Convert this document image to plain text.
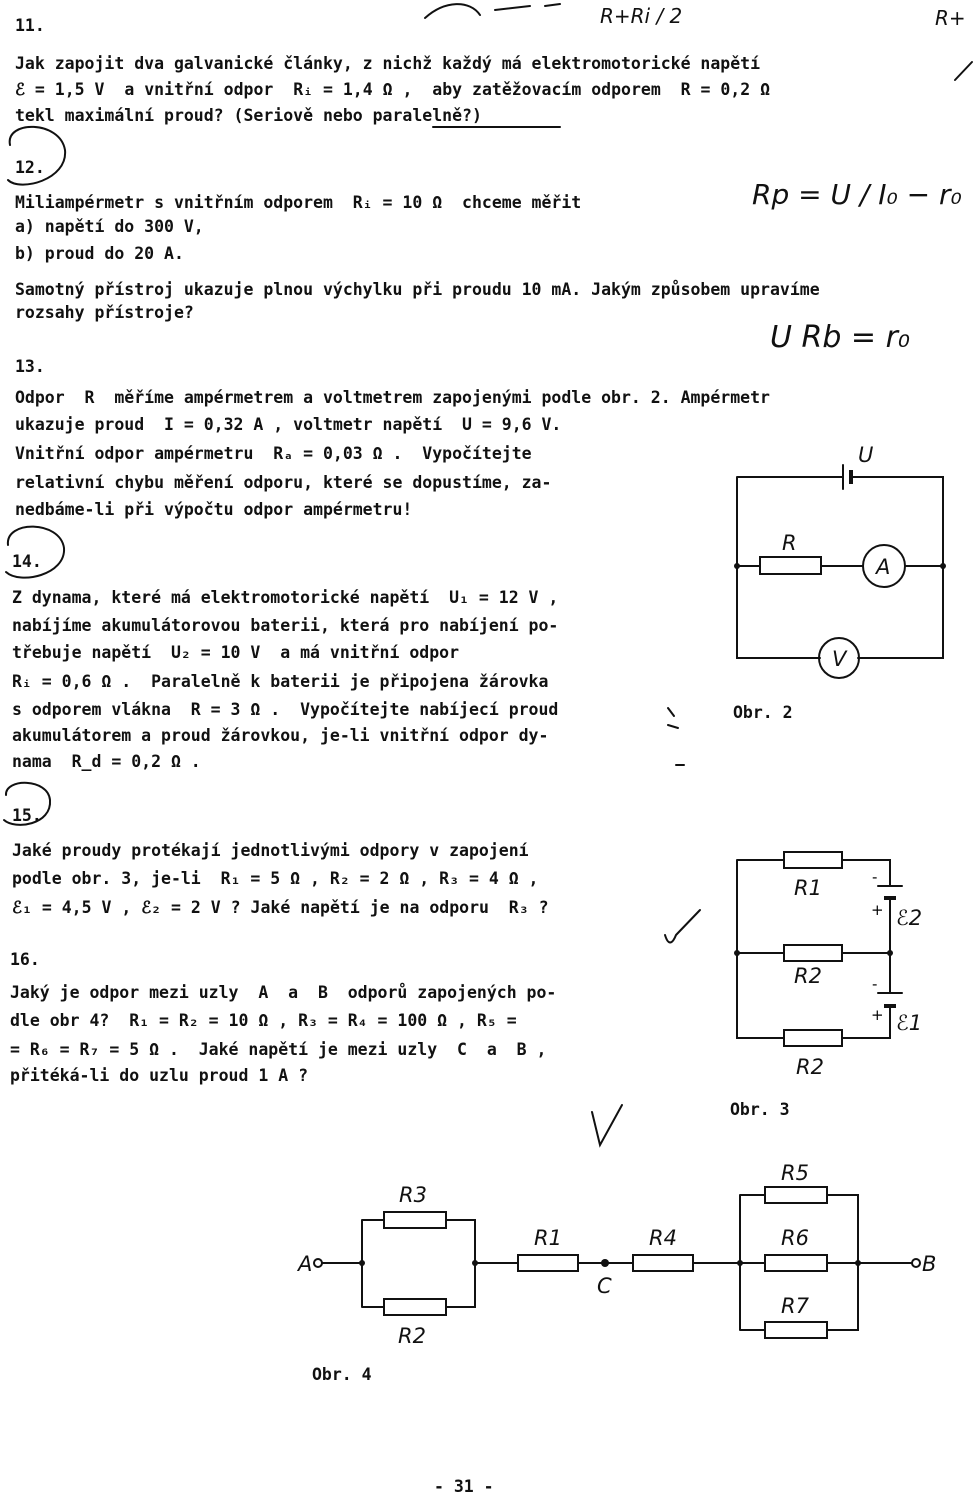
11.
Jak zapojit dva galvanické články, z nichž každý má elektromotorické napětí
ℰ = 1,5 V  a vnitřní odpor  Rᵢ = 1,4 Ω ,  aby zatěžovacím odporem  R = 0,2 Ω
tekl maximální proud? (Seriově nebo paralelně?)
12.
Miliampérmetr s vnitřním odporem  Rᵢ = 10 Ω  chceme měřit
a) napětí do 300 V,
b) proud do 20 A.
Samotný přístroj ukazuje plnou výchylku při proudu 10 mA. Jakým způsobem upravíme
rozsahy přístroje?
13.
Odpor  R  měříme ampérmetrem a voltmetrem zapojenými podle obr. 2. Ampérmetr
ukazuje proud  I = 0,32 A , voltmetr napětí  U = 9,6 V.
Vnitřní odpor ampérmetru  Rₐ = 0,03 Ω .  Vypočítejte
relativní chybu měření odporu, které se dopustíme, za-
nedbáme-li při výpočtu odpor ampérmetru!
14.
Z dynama, které má elektromotorické napětí  U₁ = 12 V ,
nabíjíme akumulátorovou baterii, která pro nabíjení po-
třebuje napětí  U₂ = 10 V  a má vnitřní odpor
Rᵢ = 0,6 Ω .  Paralelně k baterii je připojena žárovka
s odporem vlákna  R = 3 Ω .  Vypočítejte nabíjecí proud
akumulátorem a proud žárovkou, je-li vnitřní odpor dy-
nama  R_d = 0,2 Ω .
15.
Jaké proudy protékají jednotlivými odpory v zapojení
podle obr. 3, je-li  R₁ = 5 Ω , R₂ = 2 Ω , R₃ = 4 Ω ,
ℰ₁ = 4,5 V , ℰ₂ = 2 V ? Jaké napětí je na odporu  R₃ ?
16.
Jaký je odpor mezi uzly  A  a  B  odporů zapojených po-
dle obr 4?  R₁ = R₂ = 10 Ω , R₃ = R₄ = 100 Ω , R₅ =
= R₆ = R₇ = 5 Ω .  Jaké napětí je mezi uzly  C  a  B ,
přitéká-li do uzlu proud 1 A ?
R+Ri / 2	R+
Rp = U / I₀ − r₀
U Rb = r₀
U
R
A
V
Obr. 2
-
+
-
+
R1
R2
R2
ℰ2
ℰ1
Obr. 3
A	B
C
R3
R2
R1	R4
R5
R6
R7
Obr. 4
- 31 -
